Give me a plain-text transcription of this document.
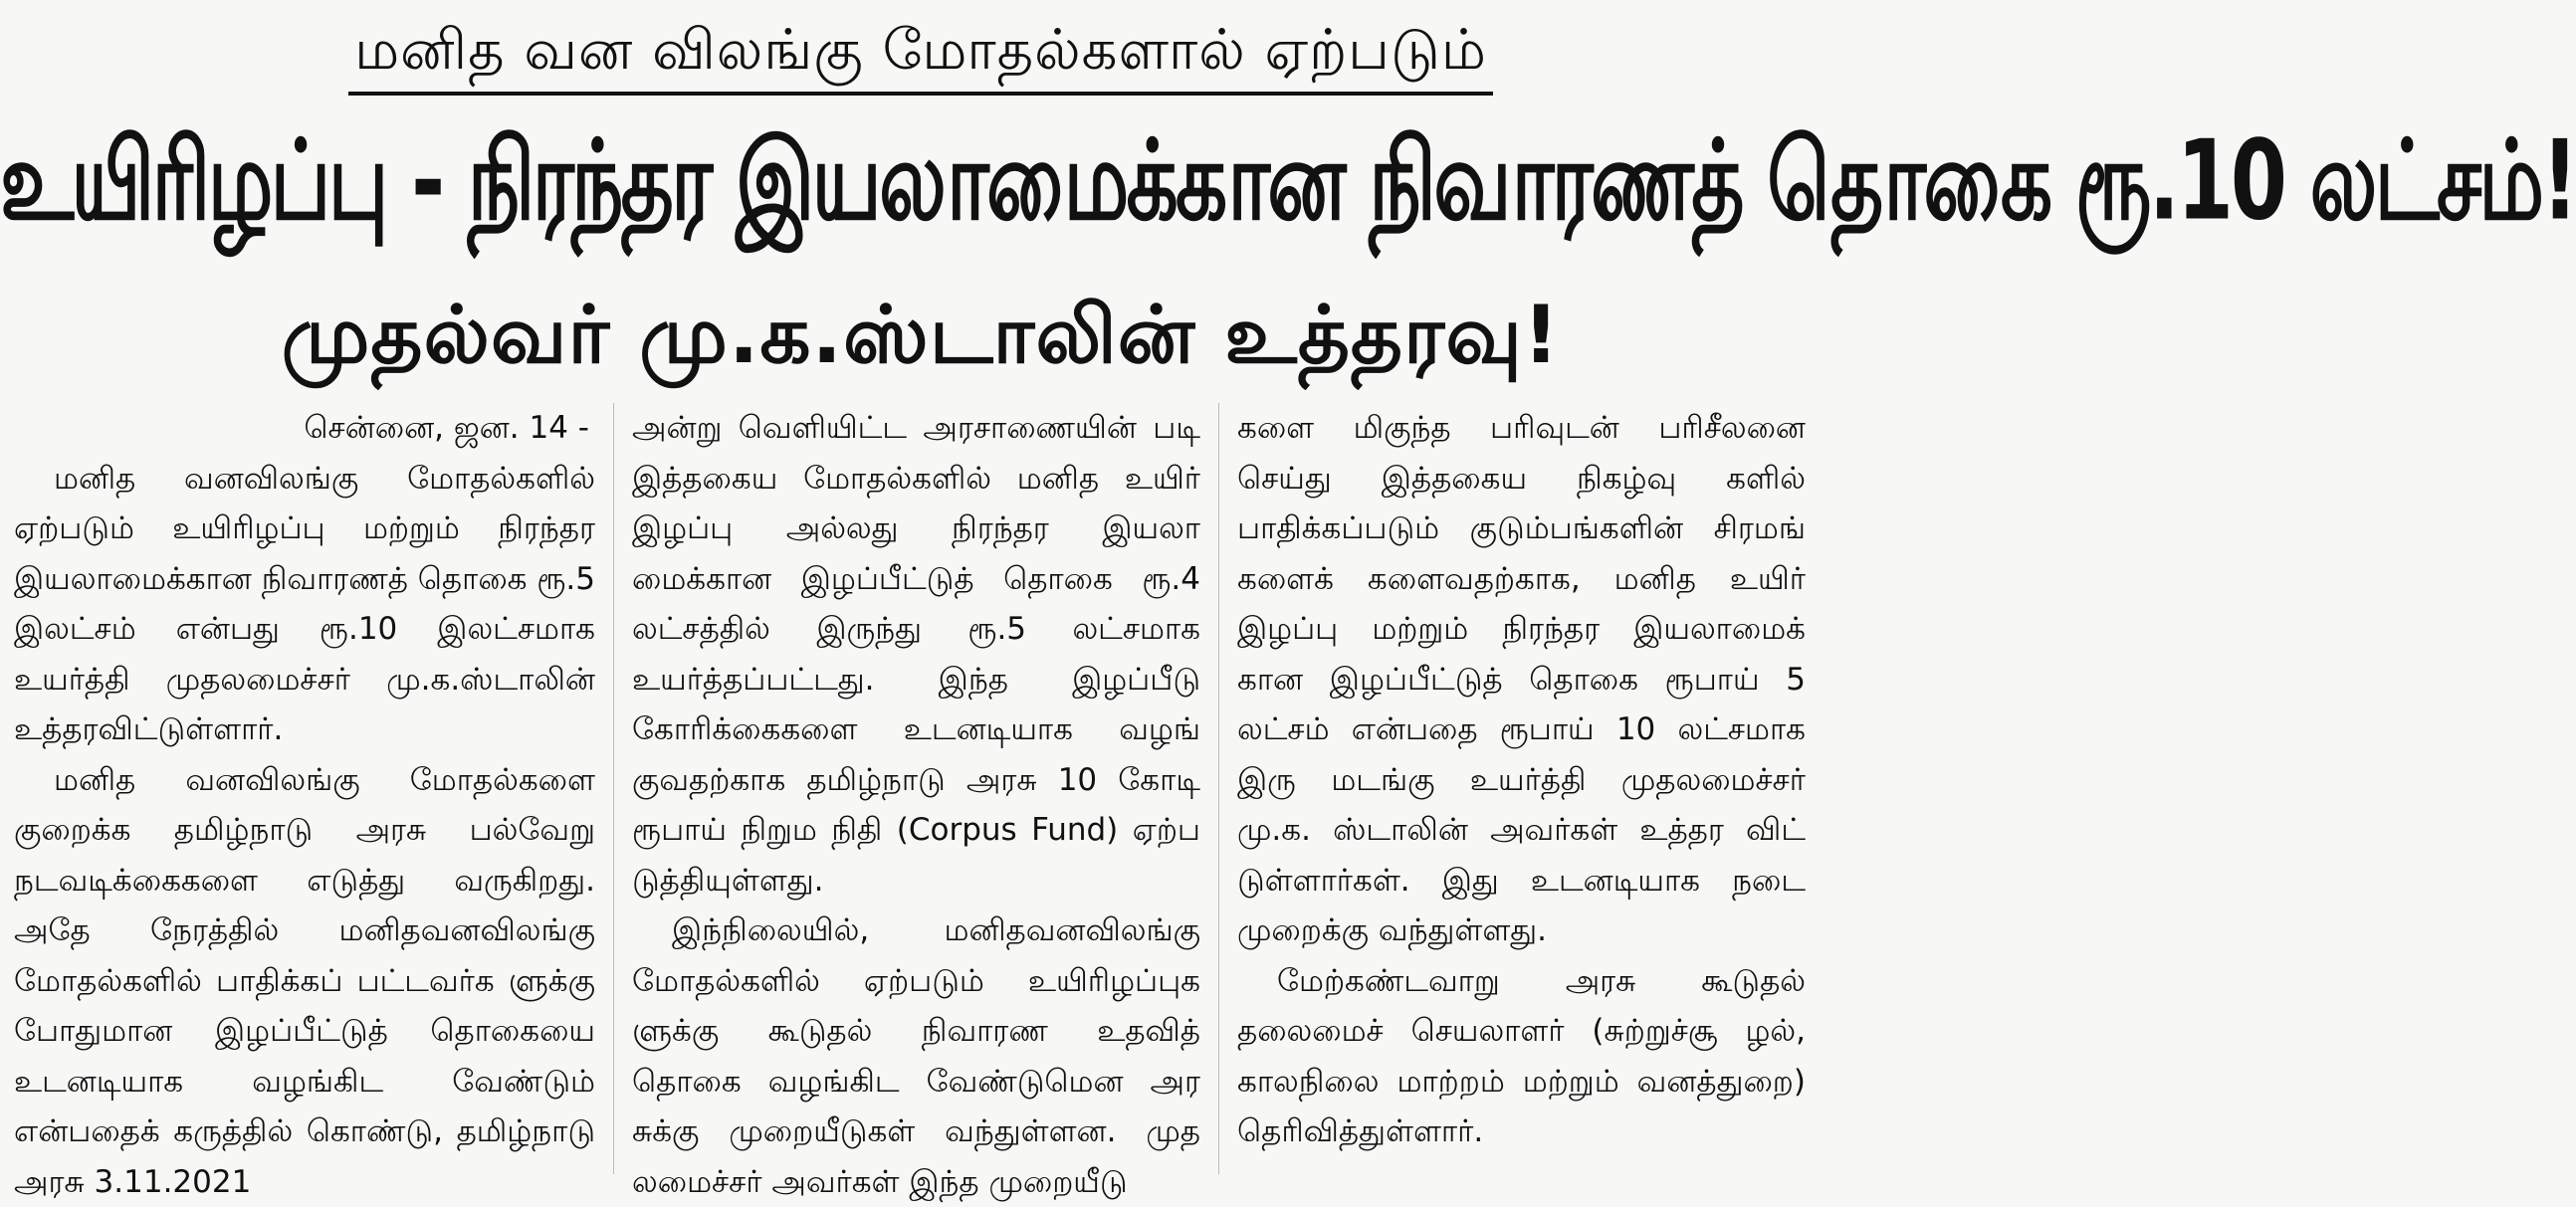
மனித வன விலங்கு மோதல்களால் ஏற்படும்
உயிரிழப்பு - நிரந்தர இயலாமைக்கான நிவாரணத் தொகை ரூ.10 லட்சம்!
முதல்வர் மு.க.ஸ்டாலின் உத்தரவு!

சென்னை, ஜன. 14 -

மனித வனவிலங்கு மோதல்களில் ஏற்படும் உயிரிழப்பு மற்றும் நிரந்தர இயலாமைக்கான நிவாரணத் தொகை ரூ.5 இலட்சம் என்பது ரூ.10 இலட்சமாக உயர்த்தி முதலமைச்சர் மு.க.ஸ்டாலின் உத்தரவிட்டுள்ளார்.

மனித வனவிலங்கு மோதல்களை குறைக்க தமிழ்நாடு அரசு பல்வேறு நடவடிக்கைகளை எடுத்து வருகிறது. அதே நேரத்தில் மனிதவனவிலங்கு மோதல்களில் பாதிக்கப் பட்டவர்க ளுக்கு போதுமான இழப்பீட்டுத் தொகையை உடனடியாக வழங்கிட வேண்டும் என்பதைக் கருத்தில் கொண்டு, தமிழ்நாடு அரசு 3.11.2021

அன்று வெளியிட்ட அரசாணையின் படி இத்தகைய மோதல்களில் மனித உயிர் இழப்பு அல்லது நிரந்தர இயலா மைக்கான இழப்பீட்டுத் தொகை ரூ.4 லட்சத்தில் இருந்து ரூ.5 லட்சமாக உயர்த்தப்பட்டது. இந்த இழப்பீடு கோரிக்கைகளை உடனடியாக வழங் குவதற்காக தமிழ்நாடு அரசு 10 கோடி ரூபாய் நிறும நிதி (Corpus Fund) ஏற்ப டுத்தியுள்ளது.

இந்நிலையில், மனிதவனவிலங்கு மோதல்களில் ஏற்படும் உயிரிழப்புக ளுக்கு கூடுதல் நிவாரண உதவித் தொகை வழங்கிட வேண்டுமென அர சுக்கு முறையீடுகள் வந்துள்ளன. முத லமைச்சர் அவர்கள் இந்த முறையீடு

களை மிகுந்த பரிவுடன் பரிசீலனை செய்து இத்தகைய நிகழ்வு களில் பாதிக்கப்படும் குடும்பங்களின் சிரமங் களைக் களைவதற்காக, மனித உயிர் இழப்பு மற்றும் நிரந்தர இயலாமைக் கான இழப்பீட்டுத் தொகை ரூபாய் 5 லட்சம் என்பதை ரூபாய் 10 லட்சமாக இரு மடங்கு உயர்த்தி முதலமைச்சர் மு.க. ஸ்டாலின் அவர்கள் உத்தர விட் டுள்ளார்கள். இது உடனடியாக நடை முறைக்கு வந்துள்ளது.

மேற்கண்டவாறு அரசு கூடுதல் தலைமைச் செயலாளர் (சுற்றுச்சூ ழல், காலநிலை மாற்றம் மற்றும் வனத்துறை) தெரிவித்துள்ளார்.
